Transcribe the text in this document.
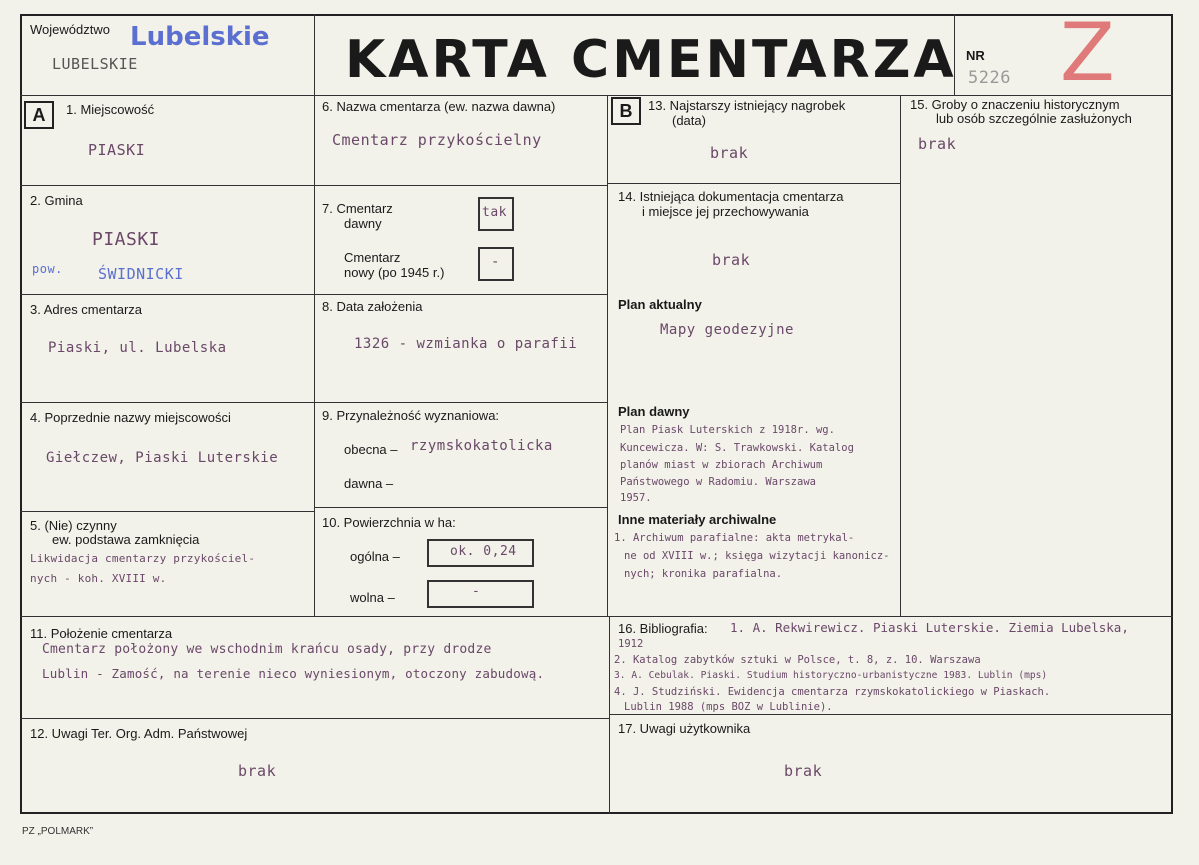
Województwo Lubelskie
LUBELSKIE	KARTA CMENTARZA NR
5226 Z
A	1. Miejscowość
PIASKI
2. Gmina
PIASKI
pow. ŚWIDNICKI
3. Adres cmentarza
Piaski, ul. Lubelska
4. Poprzednie nazwy miejscowości
Giełczew, Piaski Luterskie
5. (Nie) czynny
ew. podstawa zamknięcia
Likwidacja cmentarzy przykościel-
nych - koh. XVIII w.
6. Nazwa cmentarza (ew. nazwa dawna)
Cmentarz przykościelny
7. Cmentarz
dawny
tak
Cmentarz
nowy (po 1945 r.)
-
8. Data założenia
1326 - wzmianka o parafii
9. Przynależność wyznaniowa:
obecna – rzymskokatolicka
dawna –
10. Powierzchnia w ha:
ogólna –	ok. 0,24
wolna –	-
B	13. Najstarszy istniejący nagrobek
(data)
brak
14. Istniejąca dokumentacja cmentarza
i miejsce jej przechowywania
brak
Plan aktualny
Mapy geodezyjne
Plan dawny
Plan Piask Luterskich z 1918r. wg.
Kuncewicza. W: S. Trawkowski. Katalog
planów miast w zbiorach Archiwum
Państwowego w Radomiu. Warszawa
1957.
Inne materiały archiwalne
1. Archiwum parafialne: akta metrykal-
ne od XVIII w.; księga wizytacji kanonicz-
nych; kronika parafialna.
15. Groby o znaczeniu historycznym
lub osób szczególnie zasłużonych
brak
11. Położenie cmentarza
Cmentarz położony we wschodnim krańcu osady, przy drodze
Lublin - Zamość, na terenie nieco wyniesionym, otoczony zabudową.
12. Uwagi Ter. Org. Adm. Państwowej
brak
16. Bibliografia: 1. A. Rekwirewicz. Piaski Luterskie. Ziemia Lubelska,
1912
2. Katalog zabytków sztuki w Polsce, t. 8, z. 10. Warszawa
3. A. Cebulak. Piaski. Studium historyczno-urbanistyczne 1983. Lublin (mps)
4. J. Studziński. Ewidencja cmentarza rzymskokatolickiego w Piaskach.
Lublin 1988 (mps BOZ w Lublinie).
17. Uwagi użytkownika
brak
PZ „POLMARK”
